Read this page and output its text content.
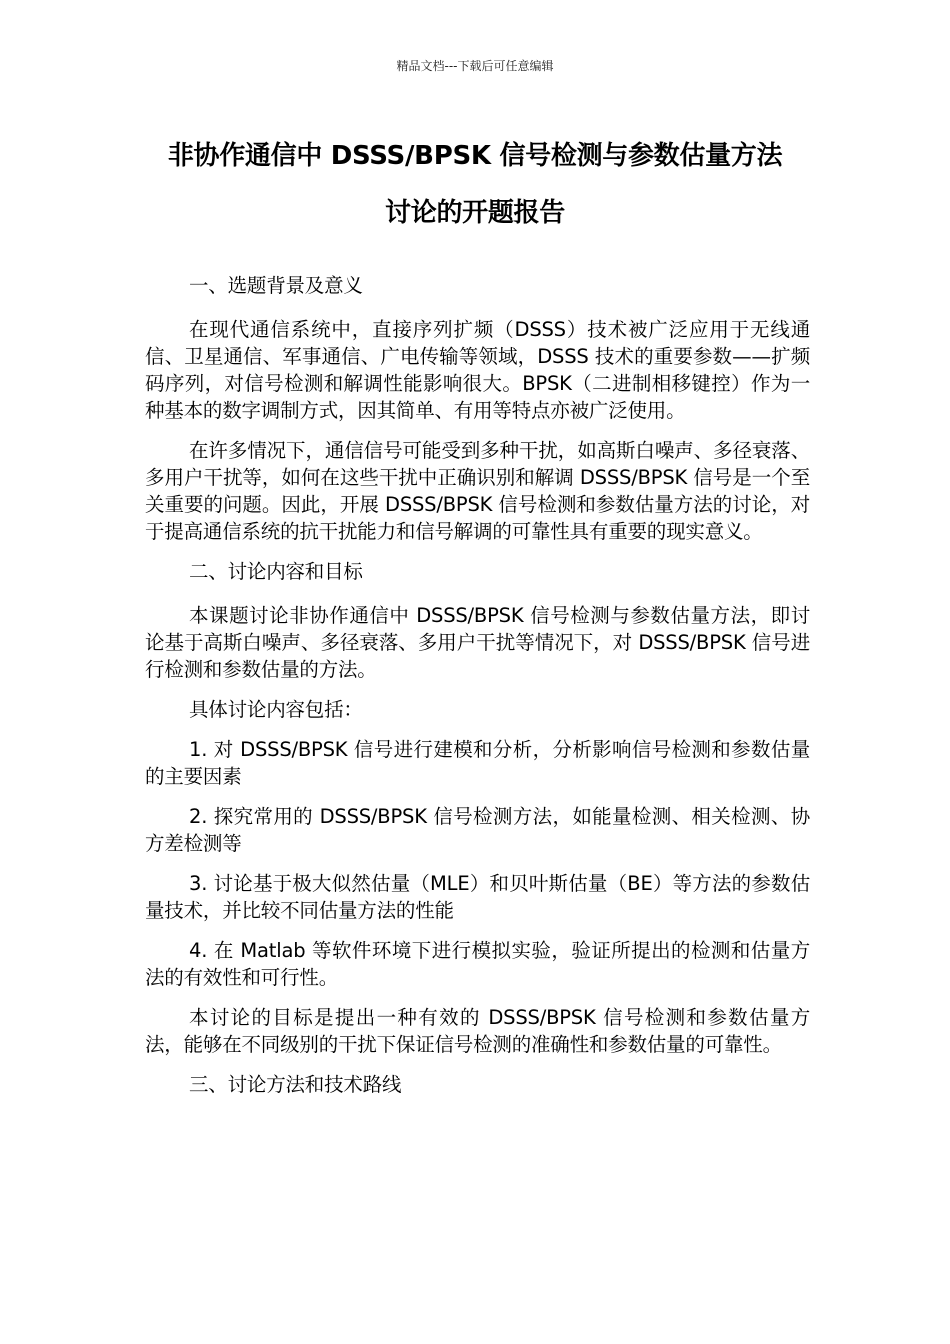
精品文档---下载后可任意编辑
非协作通信中 DSSS/BPSK 信号检测与参数估量方法
讨论的开题报告

一、选题背景及意义

在现代通信系统中，直接序列扩频（DSSS）技术被广泛应用于无线通信、卫星通信、军事通信、广电传输等领域，DSSS 技术的重要参数——扩频码序列，对信号检测和解调性能影响很大。BPSK（二进制相移键控）作为一种基本的数字调制方式，因其简单、有用等特点亦被广泛使用。

在许多情况下，通信信号可能受到多种干扰，如高斯白噪声、多径衰落、多用户干扰等，如何在这些干扰中正确识别和解调 DSSS/BPSK 信号是一个至关重要的问题。因此，开展 DSSS/BPSK 信号检测和参数估量方法的讨论，对于提高通信系统的抗干扰能力和信号解调的可靠性具有重要的现实意义。

二、讨论内容和目标

本课题讨论非协作通信中 DSSS/BPSK 信号检测与参数估量方法，即讨论基于高斯白噪声、多径衰落、多用户干扰等情况下，对 DSSS/BPSK 信号进行检测和参数估量的方法。

具体讨论内容包括：

1. 对 DSSS/BPSK 信号进行建模和分析，分析影响信号检测和参数估量的主要因素

2. 探究常用的 DSSS/BPSK 信号检测方法，如能量检测、相关检测、协方差检测等

3. 讨论基于极大似然估量（MLE）和贝叶斯估量（BE）等方法的参数估量技术，并比较不同估量方法的性能

4. 在 Matlab 等软件环境下进行模拟实验，验证所提出的检测和估量方法的有效性和可行性。

本讨论的目标是提出一种有效的 DSSS/BPSK 信号检测和参数估量方法，能够在不同级别的干扰下保证信号检测的准确性和参数估量的可靠性。

三、讨论方法和技术路线
